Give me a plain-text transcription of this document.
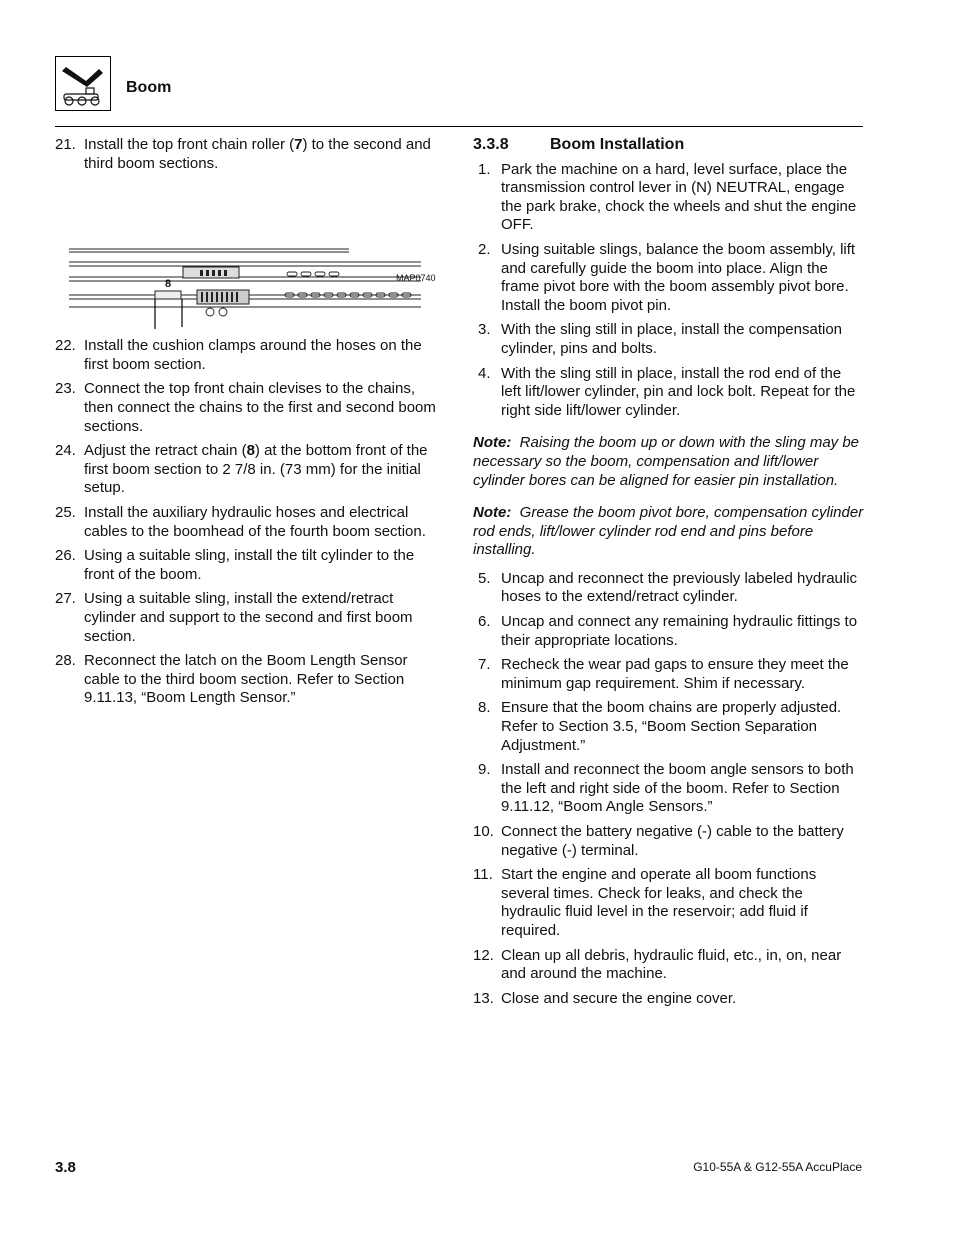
Boom
21. Install the top front chain roller (7) to the second and third boom sections.
8	MAP0740
22. Install the cushion clamps around the hoses on the first boom section.
23. Connect the top front chain clevises to the chains, then connect the chains to the first and second boom sections.
24. Adjust the retract chain (8) at the bottom front of the first boom section to 2 7/8 in. (73 mm) for the initial setup.
25. Install the auxiliary hydraulic hoses and electrical cables to the boomhead of the fourth boom section.
26. Using a suitable sling, install the tilt cylinder to the front of the boom.
27. Using a suitable sling, install the extend/retract cylinder and support to the second and first boom section.
28. Reconnect the latch on the Boom Length Sensor cable to the third boom section. Refer to Section 9.11.13, “Boom Length Sensor.”
3.3.8	Boom Installation
1. Park the machine on a hard, level surface, place the transmission control lever in (N) NEUTRAL, engage the park brake, chock the wheels and shut the engine OFF.
2. Using suitable slings, balance the boom assembly, lift and carefully guide the boom into place. Align the frame pivot bore with the boom assembly pivot bore. Install the boom pivot pin.
3. With the sling still in place, install the compensation cylinder, pins and bolts.
4. With the sling still in place, install the rod end of the left lift/lower cylinder, pin and lock bolt. Repeat for the right side lift/lower cylinder.
Note: Raising the boom up or down with the sling may be necessary so the boom, compensation and lift/lower cylinder bores can be aligned for easier pin installation.
Note: Grease the boom pivot bore, compensation cylinder rod ends, lift/lower cylinder rod end and pins before installing.
5. Uncap and reconnect the previously labeled hydraulic hoses to the extend/retract cylinder.
6. Uncap and connect any remaining hydraulic fittings to their appropriate locations.
7. Recheck the wear pad gaps to ensure they meet the minimum gap requirement. Shim if necessary.
8. Ensure that the boom chains are properly adjusted. Refer to Section 3.5, “Boom Section Separation Adjustment.”
9. Install and reconnect the boom angle sensors to both the left and right side of the boom. Refer to Section 9.11.12, “Boom Angle Sensors.”
10. Connect the battery negative (-) cable to the battery negative (-) terminal.
11. Start the engine and operate all boom functions several times. Check for leaks, and check the hydraulic fluid level in the reservoir; add fluid if required.
12. Clean up all debris, hydraulic fluid, etc., in, on, near and around the machine.
13. Close and secure the engine cover.
3.8	G10-55A & G12-55A AccuPlace
